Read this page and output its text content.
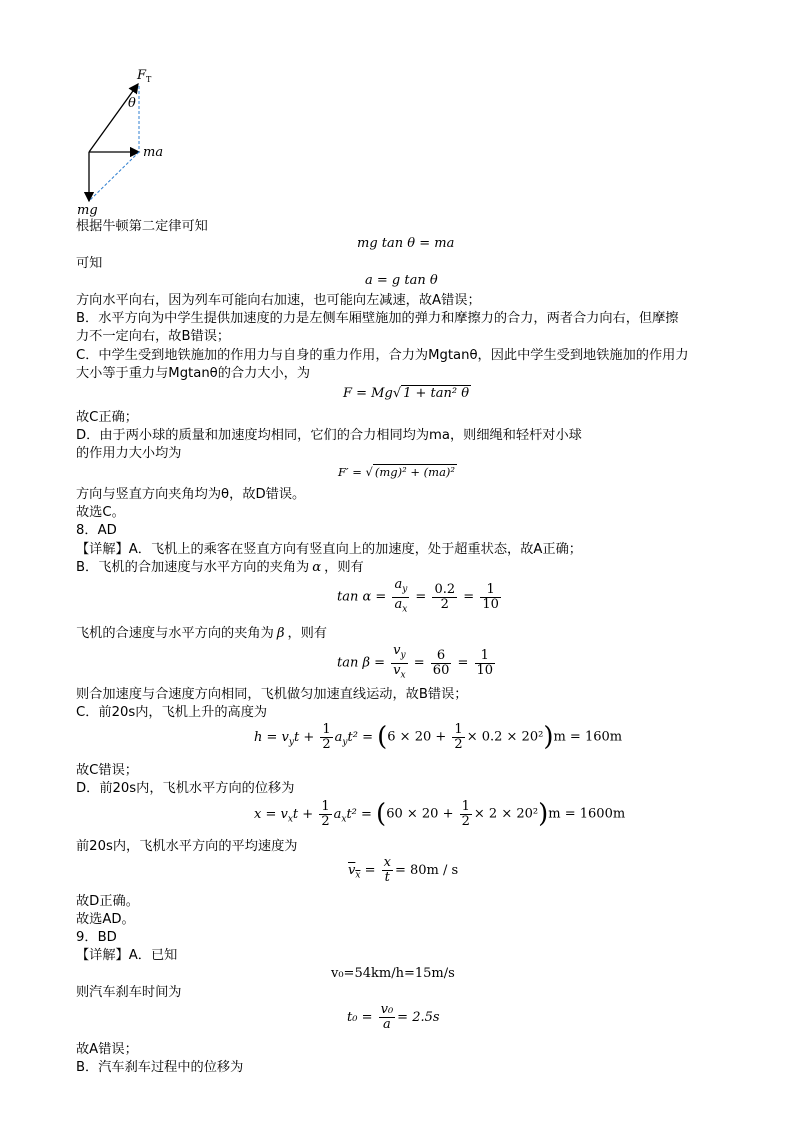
$F_T$
θ
ma
mg
根据牛顿第二定律可知
mg tan θ = ma
可知
a = g tan θ
方向水平向右，因为列车可能向右加速，也可能向左减速，故A错误；
B．水平方向为中学生提供加速度的力是左侧车厢壁施加的弹力和摩擦力的合力，两者合力向右，但摩擦
力不一定向右，故B错误；
C．中学生受到地铁施加的作用力与自身的重力作用，合力为Mgtanθ，因此中学生受到地铁施加的作用力
大小等于重力与Mgtanθ的合力大小，为
F = Mg√ 1 + tan² θ
故C正确；
D．由于两小球的质量和加速度均相同，它们的合力相同均为ma，则细绳和轻杆对小球
的作用力大小均为
F′ = √ (mg)² + (ma)²
方向与竖直方向夹角均为θ，故D错误。
故选C。
8．AD
【详解】A．飞机上的乘客在竖直方向有竖直向上的加速度，处于超重状态，故A正确；
B．飞机的合加速度与水平方向的夹角为 α ，则有
$\tan \alpha = \frac{a_y}{a_x} = \frac{0.2}{2} = \frac{1}{10}$
飞机的合速度与水平方向的夹角为 β ，则有
$\tan \beta = \frac{v_y}{v_x} = \frac{6}{60} = \frac{1}{10}$
则合加速度与合速度方向相同，飞机做匀加速直线运动，故B错误；
C．前20s内，飞机上升的高度为
$h = v_yt + \frac{1}{2} a_yt^2 = (6 \times 20 + \frac{1}{2} \times 0.2 \times 20^2)m = 160m$
故C错误；
D．前20s内，飞机水平方向的位移为
$x = v_xt + \frac{1}{2} a_xt^2 = (60 \times 20 + \frac{1}{2} \times 2 \times 20^2)m = 1600m$
前20s内，飞机水平方向的平均速度为
$v_x = \frac{x}{t} = 80m / s$
故D正确。
故选AD。
9．BD
【详解】A．已知
v₀=54km/h=15m/s
则汽车刹车时间为
$t_0 = \frac{\text{v₀}}{a} = 2.5s$
故A错误；
B．汽车刹车过程中的位移为
